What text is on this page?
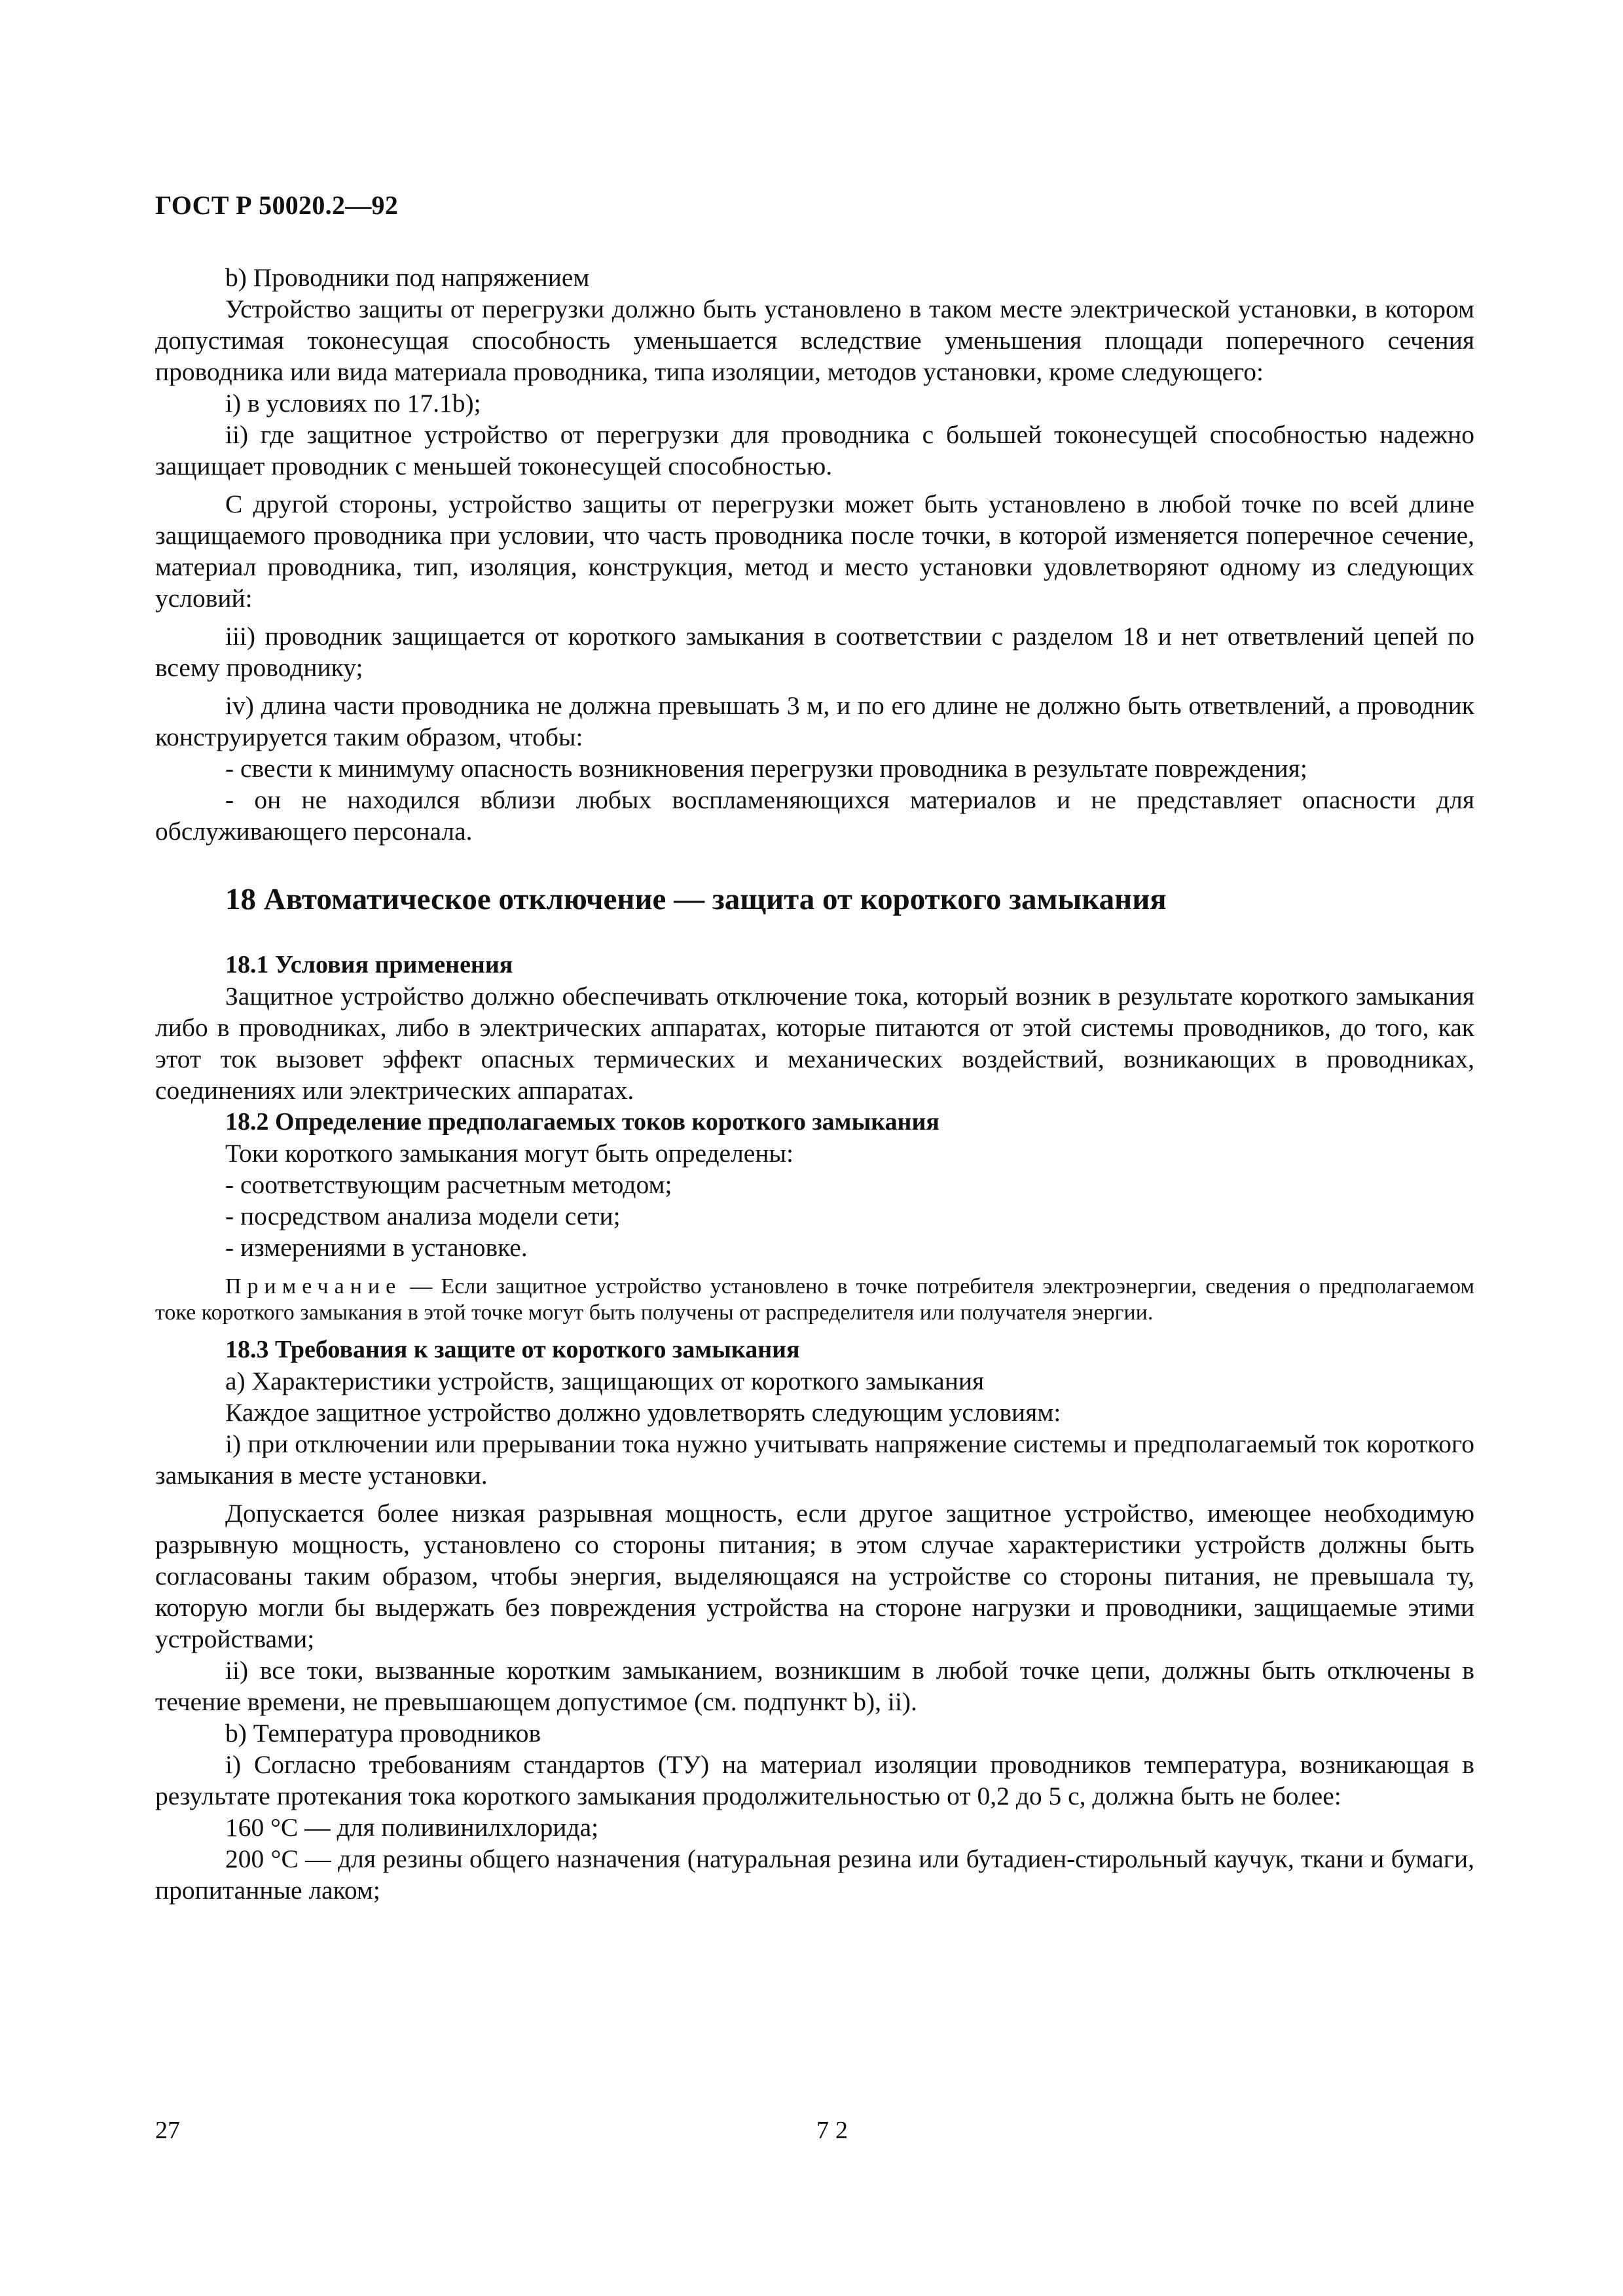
ГОСТ Р 50020.2—92

b) Проводники под напряжением

Устройство защиты от перегрузки должно быть установлено в таком месте электрической установки, в котором допустимая токонесущая способность уменьшается вследствие уменьшения площади поперечного сечения проводника или вида материала проводника, типа изоляции, методов установки, кроме следующего:

i) в условиях по 17.1b);

ii) где защитное устройство от перегрузки для проводника с большей токонесущей способностью надежно защищает проводник с меньшей токонесущей способностью.

С другой стороны, устройство защиты от перегрузки может быть установлено в любой точке по всей длине защищаемого проводника при условии, что часть проводника после точки, в которой изменяется поперечное сечение, материал проводника, тип, изоляция, конструкция, метод и место установки удовлетворяют одному из следующих условий:

iii) проводник защищается от короткого замыкания в соответствии с разделом 18 и нет ответвлений цепей по всему проводнику;

iv) длина части проводника не должна превышать 3 м, и по его длине не должно быть ответвлений, а проводник конструируется таким образом, чтобы:

- свести к минимуму опасность возникновения перегрузки проводника в результате повреждения;

- он не находился вблизи любых воспламеняющихся материалов и не представляет опасности для обслуживающего персонала.

18 Автоматическое отключение — защита от короткого замыкания

18.1 Условия применения

Защитное устройство должно обеспечивать отключение тока, который возник в результате короткого замыкания либо в проводниках, либо в электрических аппаратах, которые питаются от этой системы проводников, до того, как этот ток вызовет эффект опасных термических и механических воздействий, возникающих в проводниках, соединениях или электрических аппаратах.

18.2 Определение предполагаемых токов короткого замыкания

Токи короткого замыкания могут быть определены:

- соответствующим расчетным методом;

- посредством анализа модели сети;

- измерениями в установке.

Примечание — Если защитное устройство установлено в точке потребителя электроэнергии, сведения о предполагаемом токе короткого замыкания в этой точке могут быть получены от распределителя или получателя энергии.

18.3 Требования к защите от короткого замыкания

a) Характеристики устройств, защищающих от короткого замыкания

Каждое защитное устройство должно удовлетворять следующим условиям:

i) при отключении или прерывании тока нужно учитывать напряжение системы и предполагаемый ток короткого замыкания в месте установки.

Допускается более низкая разрывная мощность, если другое защитное устройство, имеющее необходимую разрывную мощность, установлено со стороны питания; в этом случае характеристики устройств должны быть согласованы таким образом, чтобы энергия, выделяющаяся на устройстве со стороны питания, не превышала ту, которую могли бы выдержать без повреждения устройства на стороне нагрузки и проводники, защищаемые этими устройствами;

ii) все токи, вызванные коротким замыканием, возникшим в любой точке цепи, должны быть отключены в течение времени, не превышающем допустимое (см. подпункт b), ii).

b) Температура проводников

i) Согласно требованиям стандартов (ТУ) на материал изоляции проводников температура, возникающая в результате протекания тока короткого замыкания продолжительностью от 0,2 до 5 с, должна быть не более:

160 °С — для поливинилхлорида;

200 °С — для резины общего назначения (натуральная резина или бутадиен-стирольный каучук, ткани и бумаги, пропитанные лаком;

27	72
